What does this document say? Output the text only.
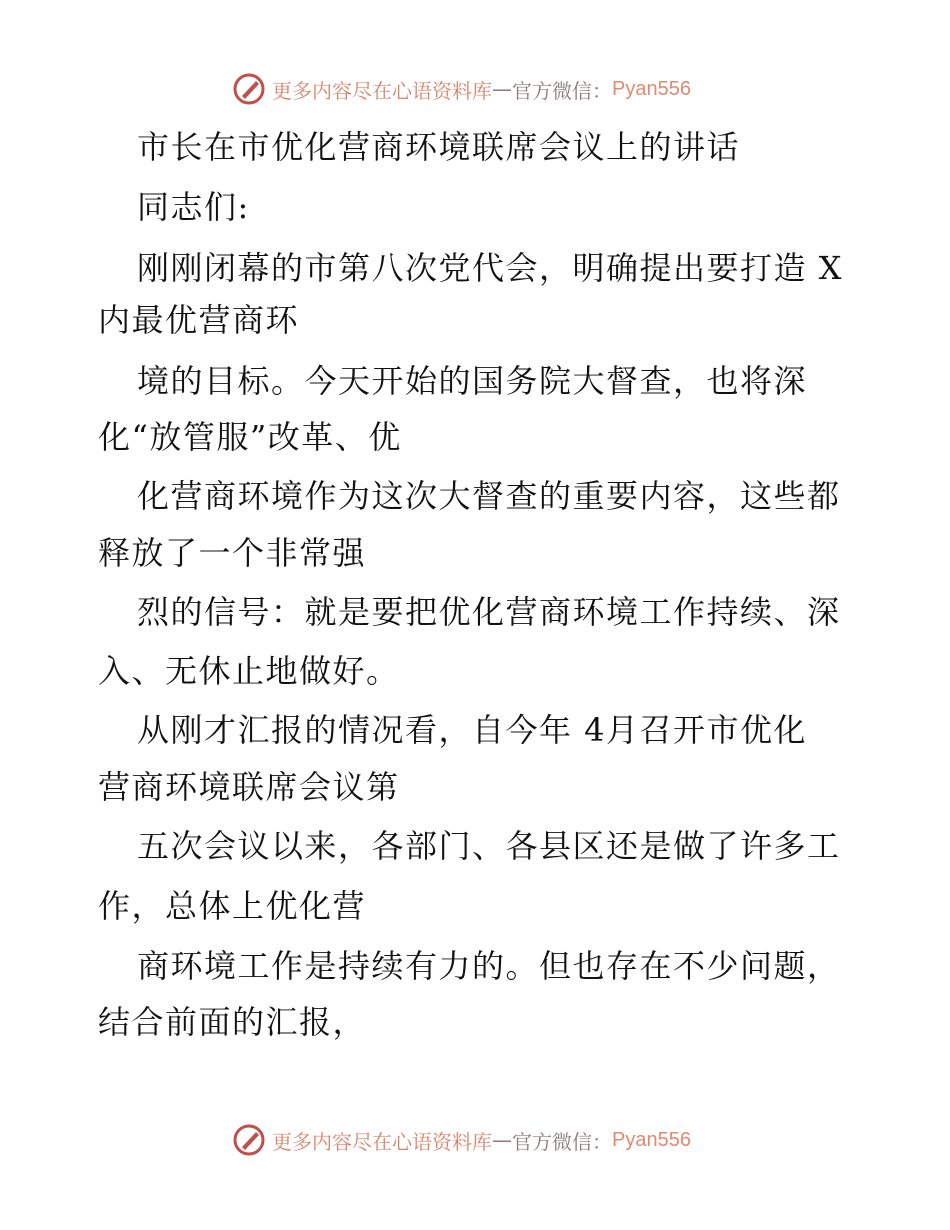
更多内容尽在心语资料库 — 官方微信： Pyan556
市长在市优化营商环境联席会议上的讲话
同志们:
刚刚闭幕的市第八次党代会，明确提出要打造 X
内最优营商环
境的目标。今天开始的国务院大督查，也将深
化“放管服”改革、优
化营商环境作为这次大督查的重要内容，这些都
释放了一个非常强
烈的信号：就是要把优化营商环境工作持续、深
入、无休止地做好。
从刚才汇报的情况看，自今年 4月召开市优化
营商环境联席会议第
五次会议以来，各部门、各县区还是做了许多工
作，总体上优化营
商环境工作是持续有力的。但也存在不少问题，
结合前面的汇报，
更多内容尽在心语资料库 — 官方微信： Pyan556
